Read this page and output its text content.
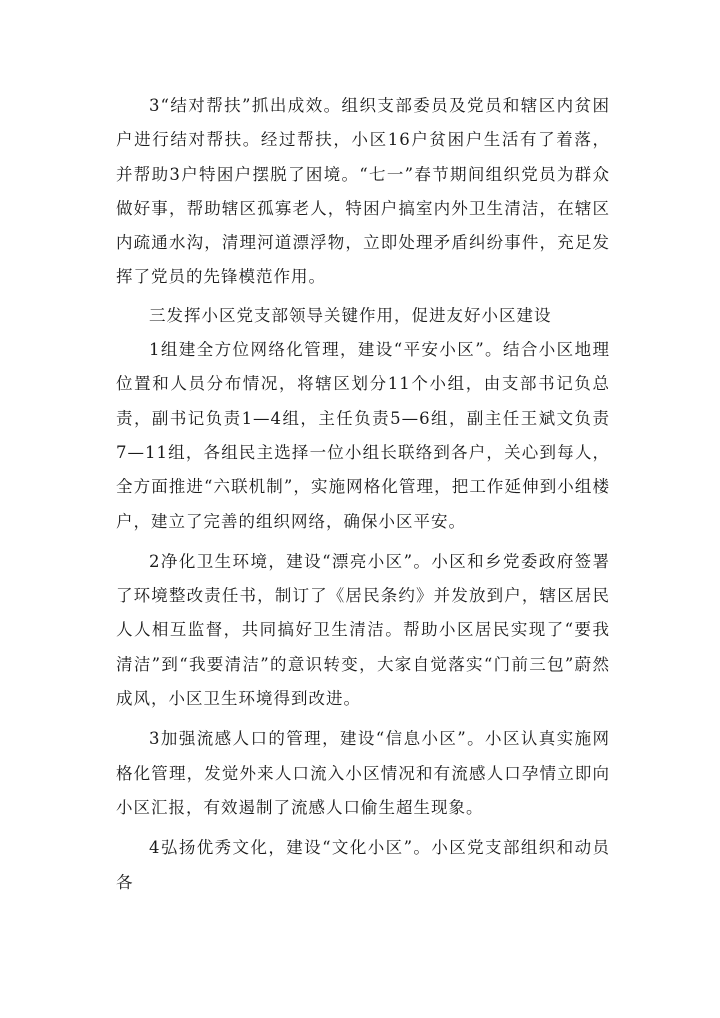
3“结对帮扶”抓出成效。组织支部委员及党员和辖区内贫困户进行结对帮扶。经过帮扶，小区16户贫困户生活有了着落，并帮助3户特困户摆脱了困境。“七一”春节期间组织党员为群众做好事，帮助辖区孤寡老人，特困户搞室内外卫生清洁，在辖区内疏通水沟，清理河道漂浮物，立即处理矛盾纠纷事件，充足发挥了党员的先锋模范作用。

三发挥小区党支部领导关键作用，促进友好小区建设

1组建全方位网络化管理，建设“平安小区”。结合小区地理位置和人员分布情况，将辖区划分11个小组，由支部书记负总责，副书记负责1—4组，主任负责5—6组，副主任王斌文负责7—11组，各组民主选择一位小组长联络到各户，关心到每人，全方面推进“六联机制”，实施网格化管理，把工作延伸到小组楼户，建立了完善的组织网络，确保小区平安。

2净化卫生环境，建设“漂亮小区”。小区和乡党委政府签署了环境整改责任书，制订了《居民条约》并发放到户，辖区居民人人相互监督，共同搞好卫生清洁。帮助小区居民实现了“要我清洁”到“我要清洁”的意识转变，大家自觉落实“门前三包”蔚然成风，小区卫生环境得到改进。

3加强流感人口的管理，建设“信息小区”。小区认真实施网格化管理，发觉外来人口流入小区情况和有流感人口孕情立即向小区汇报，有效遏制了流感人口偷生超生现象。

4弘扬优秀文化，建设“文化小区”。小区党支部组织和动员各
